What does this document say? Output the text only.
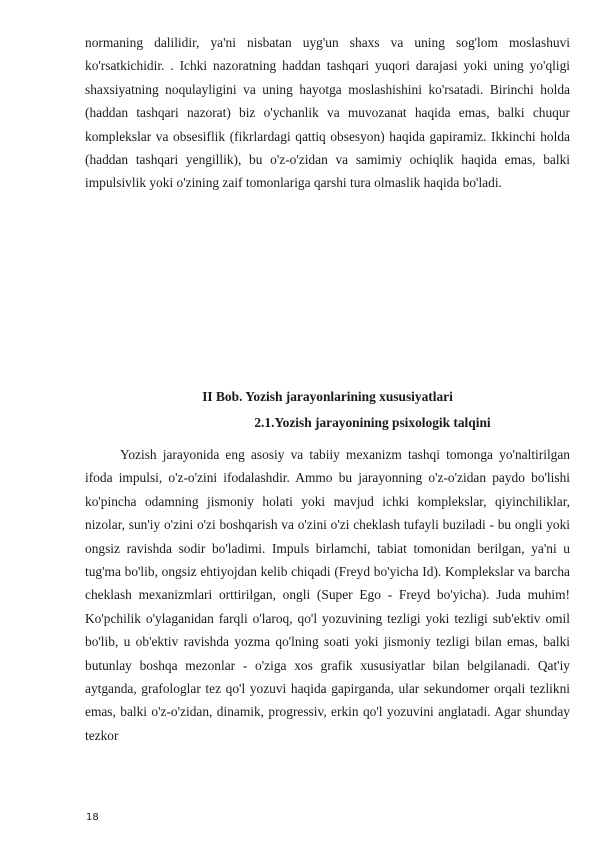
normaning dalilidir, ya'ni nisbatan uyg'un shaxs va uning sog'lom moslashuvi ko'rsatkichidir. . Ichki nazoratning haddan tashqari yuqori darajasi yoki uning yo'qligi shaxsiyatning noqulayligini va uning hayotga moslashishini ko'rsatadi. Birinchi holda (haddan tashqari nazorat) biz o'ychanlik va muvozanat haqida emas, balki chuqur komplekslar va obsesiflik (fikrlardagi qattiq obsesyon) haqida gapiramiz. Ikkinchi holda (haddan tashqari yengillik), bu o'z-o'zidan va samimiy ochiqlik haqida emas, balki impulsivlik yoki o'zining zaif tomonlariga qarshi tura olmaslik haqida bo'ladi.

II Bob. Yozish jarayonlarining xususiyatlari
2.1.Yozish jarayonining psixologik talqini

Yozish jarayonida eng asosiy va tabiiy mexanizm tashqi tomonga yo'naltirilgan ifoda impulsi, o'z-o'zini ifodalashdir. Ammo bu jarayonning o'z-o'zidan paydo bo'lishi ko'pincha odamning jismoniy holati yoki mavjud ichki komplekslar, qiyinchiliklar, nizolar, sun'iy o'zini o'zi boshqarish va o'zini o'zi cheklash tufayli buziladi - bu ongli yoki ongsiz ravishda sodir bo'ladimi. Impuls birlamchi, tabiat tomonidan berilgan, ya'ni u tug'ma bo'lib, ongsiz ehtiyojdan kelib chiqadi (Freyd bo'yicha Id). Komplekslar va barcha cheklash mexanizmlari orttirilgan, ongli (Super Ego - Freyd bo'yicha). Juda muhim! Ko'pchilik o'ylaganidan farqli o'laroq, qo'l yozuvining tezligi yoki tezligi sub'ektiv omil bo'lib, u ob'ektiv ravishda yozma qo'lning soati yoki jismoniy tezligi bilan emas, balki butunlay boshqa mezonlar - o'ziga xos grafik xususiyatlar bilan belgilanadi. Qat'iy aytganda, grafologlar tez qo'l yozuvi haqida gapirganda, ular sekundomer orqali tezlikni emas, balki o'z-o'zidan, dinamik, progressiv, erkin qo'l yozuvini anglatadi. Agar shunday tezkor

18
